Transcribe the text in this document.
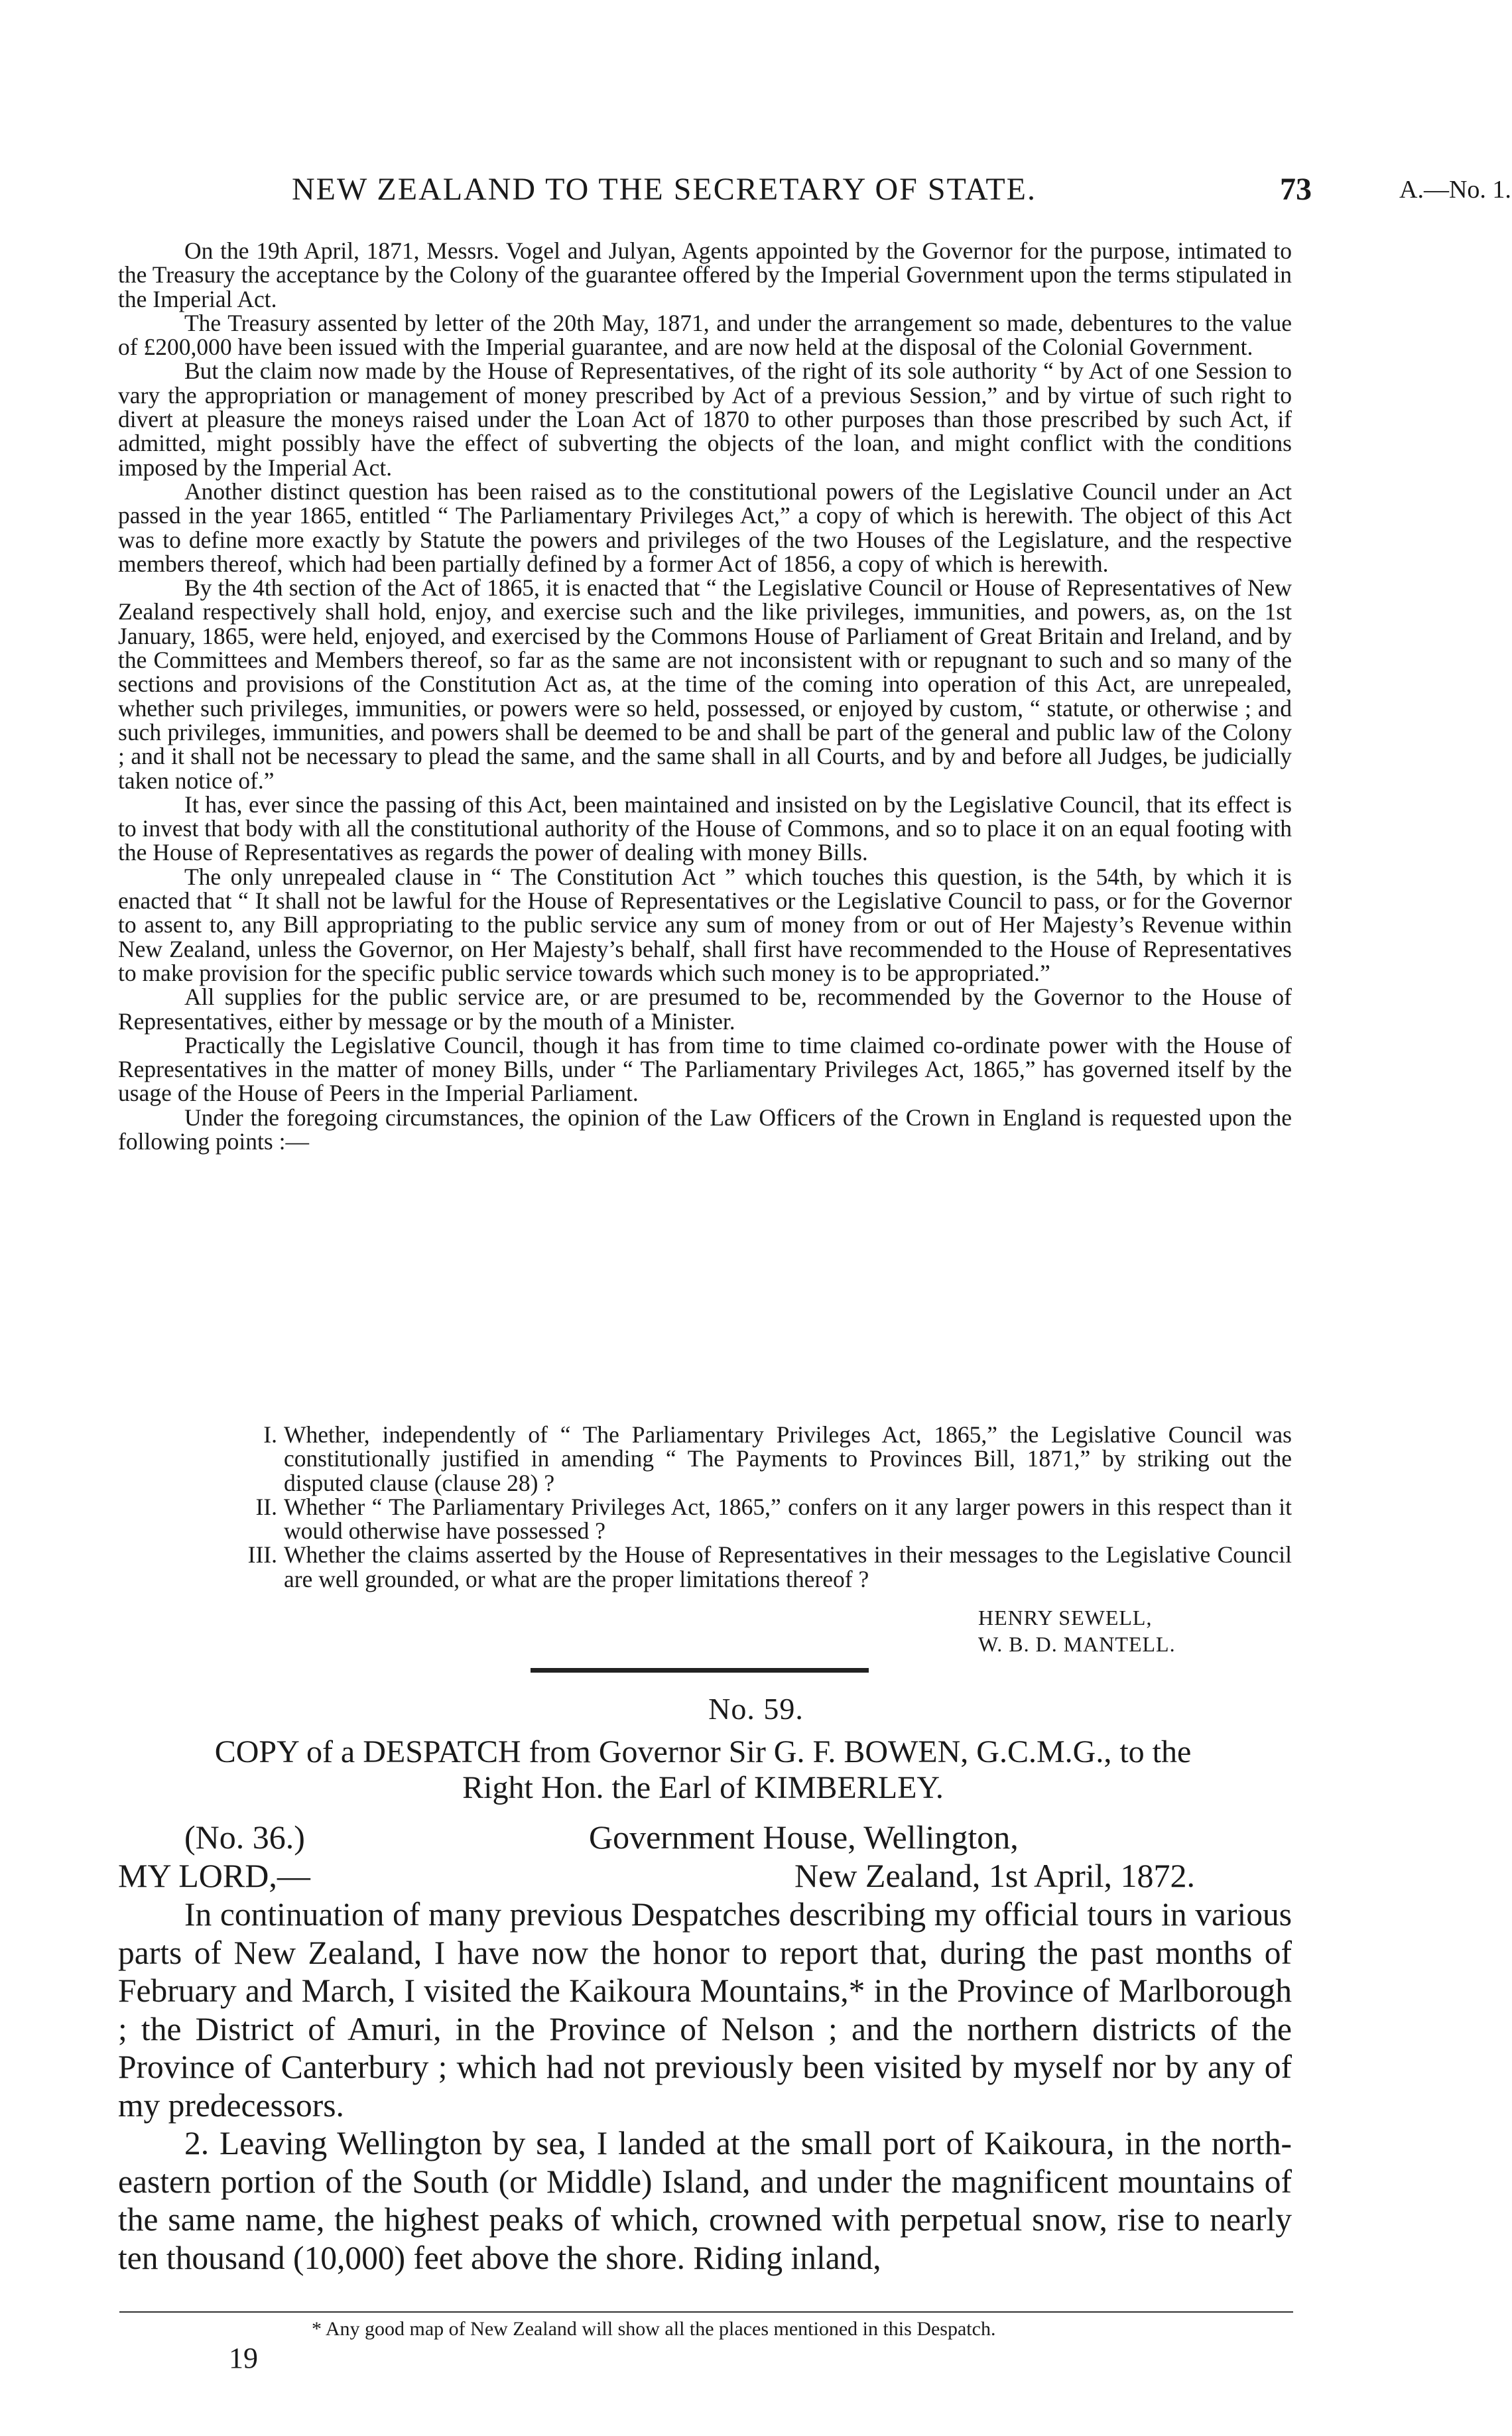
NEW ZEALAND TO THE SECRETARY OF STATE.	73	A.—No. 1.

On the 19th April, 1871, Messrs. Vogel and Julyan, Agents appointed by the Governor for the purpose, intimated to the Treasury the acceptance by the Colony of the guarantee offered by the Imperial Government upon the terms stipulated in the Imperial Act.

The Treasury assented by letter of the 20th May, 1871, and under the arrangement so made, debentures to the value of £200,000 have been issued with the Imperial guarantee, and are now held at the disposal of the Colonial Government.

But the claim now made by the House of Representatives, of the right of its sole authority “ by Act of one Session to vary the appropriation or management of money prescribed by Act of a previous Session,” and by virtue of such right to divert at pleasure the moneys raised under the Loan Act of 1870 to other purposes than those prescribed by such Act, if admitted, might possibly have the effect of subverting the objects of the loan, and might conflict with the conditions imposed by the Imperial Act.

Another distinct question has been raised as to the constitutional powers of the Legislative Council under an Act passed in the year 1865, entitled “ The Parliamentary Privileges Act,” a copy of which is herewith. The object of this Act was to define more exactly by Statute the powers and privileges of the two Houses of the Legislature, and the respective members thereof, which had been partially defined by a former Act of 1856, a copy of which is herewith.

By the 4th section of the Act of 1865, it is enacted that “ the Legislative Council or House of Representatives of New Zealand respectively shall hold, enjoy, and exercise such and the like privileges, immunities, and powers, as, on the 1st January, 1865, were held, enjoyed, and exercised by the Commons House of Parliament of Great Britain and Ireland, and by the Committees and Members thereof, so far as the same are not inconsistent with or repugnant to such and so many of the sections and provisions of the Constitution Act as, at the time of the coming into operation of this Act, are unrepealed, whether such privileges, immunities, or powers were so held, possessed, or enjoyed by custom, “ statute, or otherwise ; and such privileges, immunities, and powers shall be deemed to be and shall be part of the general and public law of the Colony ; and it shall not be necessary to plead the same, and the same shall in all Courts, and by and before all Judges, be judicially taken notice of.”

It has, ever since the passing of this Act, been maintained and insisted on by the Legislative Council, that its effect is to invest that body with all the constitutional authority of the House of Commons, and so to place it on an equal footing with the House of Representatives as regards the power of dealing with money Bills.

The only unrepealed clause in “ The Constitution Act ” which touches this question, is the 54th, by which it is enacted that “ It shall not be lawful for the House of Representatives or the Legislative Council to pass, or for the Governor to assent to, any Bill appropriating to the public service any sum of money from or out of Her Majesty’s Revenue within New Zealand, unless the Governor, on Her Majesty’s behalf, shall first have recommended to the House of Representatives to make provision for the specific public service towards which such money is to be appropriated.”

All supplies for the public service are, or are presumed to be, recommended by the Governor to the House of Representatives, either by message or by the mouth of a Minister.

Practically the Legislative Council, though it has from time to time claimed co-ordinate power with the House of Representatives in the matter of money Bills, under “ The Parliamentary Privileges Act, 1865,” has governed itself by the usage of the House of Peers in the Imperial Parliament.

Under the foregoing circumstances, the opinion of the Law Officers of the Crown in England is requested upon the following points :—

I. Whether, independently of “ The Parliamentary Privileges Act, 1865,” the Legislative Council was constitutionally justified in amending “ The Payments to Provinces Bill, 1871,” by striking out the disputed clause (clause 28) ?
II. Whether “ The Parliamentary Privileges Act, 1865,” confers on it any larger powers in this respect than it would otherwise have possessed ?
III. Whether the claims asserted by the House of Representatives in their messages to the Legislative Council are well grounded, or what are the proper limitations thereof ?
HENRY SEWELL,
W. B. D. MANTELL.
No. 59.
COPY of a DESPATCH from Governor Sir G. F. BOWEN, G.C.M.G., to the
Right Hon. the Earl of KIMBERLEY.
(No. 36.)	Government House, Wellington,
MY LORD,—	New Zealand, 1st April, 1872.

In continuation of many previous Despatches describing my official tours in various parts of New Zealand, I have now the honor to report that, during the past months of February and March, I visited the Kaikoura Mountains,* in the Province of Marlborough ; the District of Amuri, in the Province of Nelson ; and the northern districts of the Province of Canterbury ; which had not previously been visited by myself nor by any of my predecessors.

2. Leaving Wellington by sea, I landed at the small port of Kaikoura, in the north-eastern portion of the South (or Middle) Island, and under the magnificent mountains of the same name, the highest peaks of which, crowned with perpetual snow, rise to nearly ten thousand (10,000) feet above the shore. Riding inland,

* Any good map of New Zealand will show all the places mentioned in this Despatch.
19
